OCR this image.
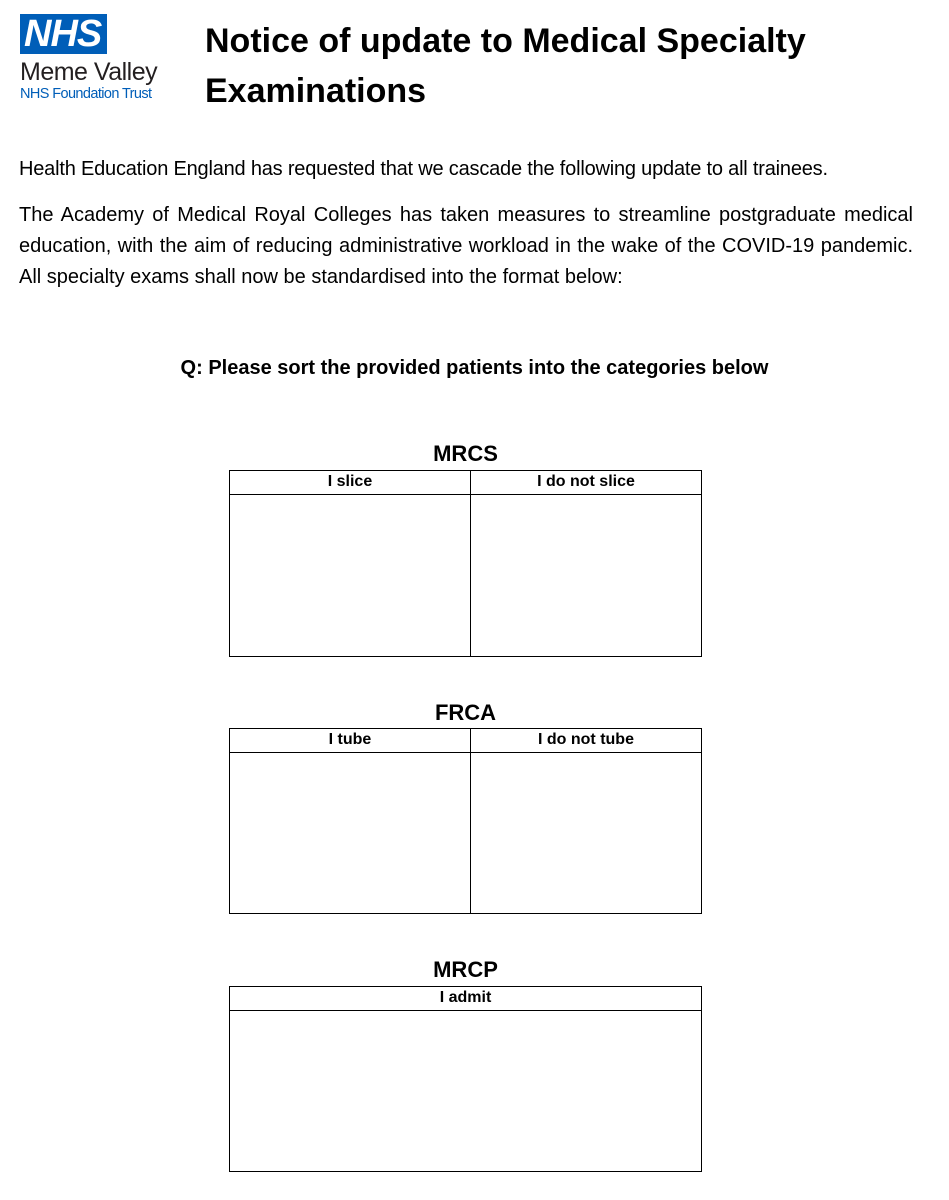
NHS
Meme Valley
NHS Foundation Trust
Notice of update to Medical Specialty Examinations

Health Education England has requested that we cascade the following update to all trainees.

The Academy of Medical Royal Colleges has taken measures to streamline postgraduate medical education, with the aim of reducing administrative workload in the wake of the COVID-19 pandemic. All specialty exams shall now be standardised into the format below:

Q: Please sort the provided patients into the categories below

MRCS
I slice	I do not slice
FRCA
I tube	I do not tube
MRCP
I admit
